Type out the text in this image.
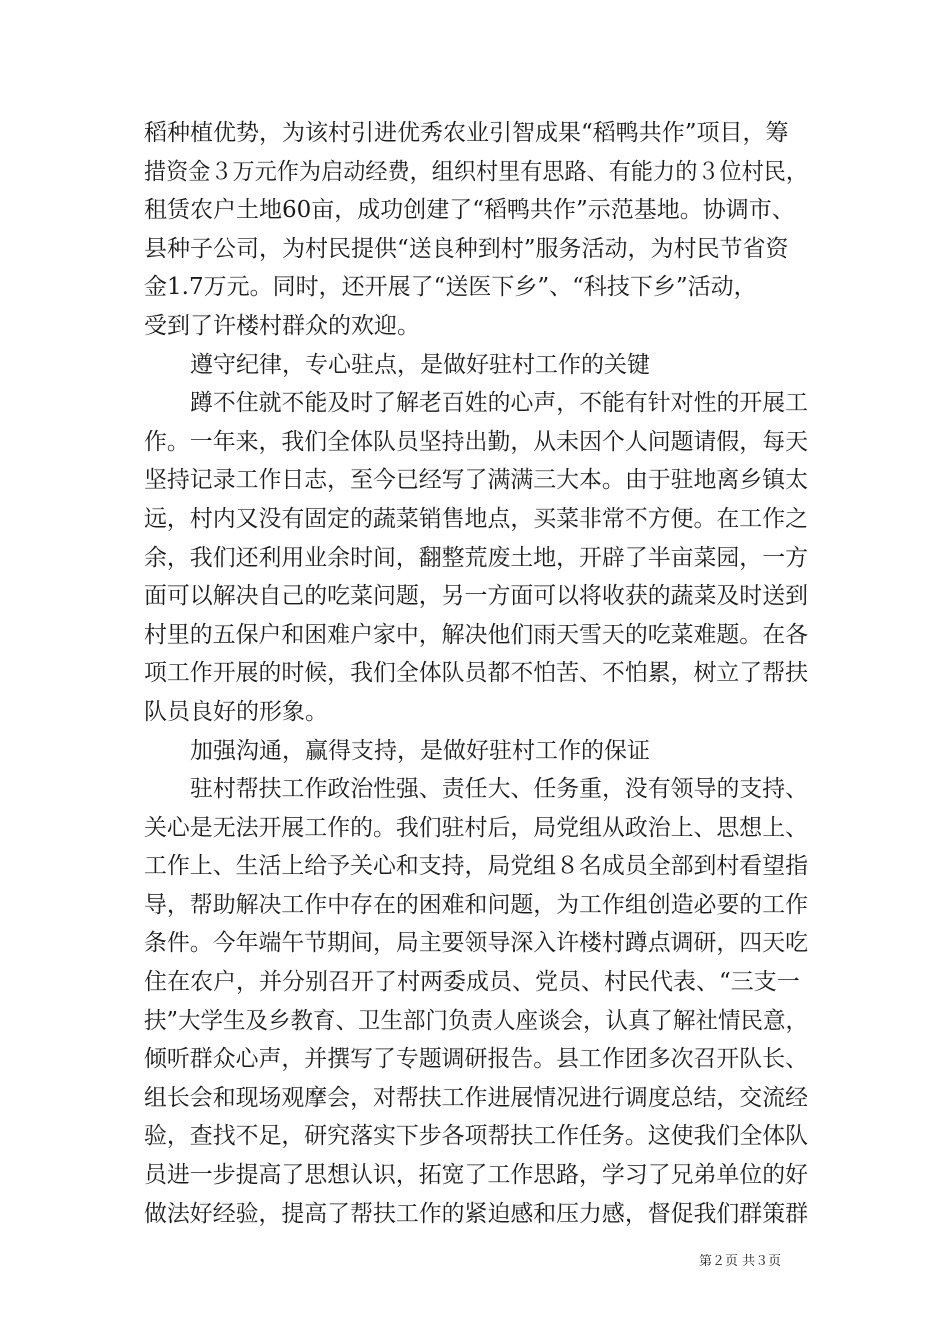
稻种植优势，为该村引进优秀农业引智成果“稻鸭共作”项目，筹
措资金３万元作为启动经费，组织村里有思路、有能力的３位村民，
租赁农户土地60亩，成功创建了“稻鸭共作”示范基地。协调市、
县种子公司，为村民提供“送良种到村”服务活动，为村民节省资
金1.7万元。同时，还开展了“送医下乡”、“科技下乡”活动，
受到了许楼村群众的欢迎。
遵守纪律，专心驻点，是做好驻村工作的关键
蹲不住就不能及时了解老百姓的心声，不能有针对性的开展工
作。一年来，我们全体队员坚持出勤，从未因个人问题请假，每天
坚持记录工作日志，至今已经写了满满三大本。由于驻地离乡镇太
远，村内又没有固定的蔬菜销售地点，买菜非常不方便。在工作之
余，我们还利用业余时间，翻整荒废土地，开辟了半亩菜园，一方
面可以解决自己的吃菜问题，另一方面可以将收获的蔬菜及时送到
村里的五保户和困难户家中，解决他们雨天雪天的吃菜难题。在各
项工作开展的时候，我们全体队员都不怕苦、不怕累，树立了帮扶
队员良好的形象。
加强沟通，赢得支持，是做好驻村工作的保证
驻村帮扶工作政治性强、责任大、任务重，没有领导的支持、
关心是无法开展工作的。我们驻村后，局党组从政治上、思想上、
工作上、生活上给予关心和支持，局党组８名成员全部到村看望指
导，帮助解决工作中存在的困难和问题，为工作组创造必要的工作
条件。今年端午节期间，局主要领导深入许楼村蹲点调研，四天吃
住在农户，并分别召开了村两委成员、党员、村民代表、“三支一
扶”大学生及乡教育、卫生部门负责人座谈会，认真了解社情民意，
倾听群众心声，并撰写了专题调研报告。县工作团多次召开队长、
组长会和现场观摩会，对帮扶工作进展情况进行调度总结，交流经
验，查找不足，研究落实下步各项帮扶工作任务。这使我们全体队
员进一步提高了思想认识，拓宽了工作思路，学习了兄弟单位的好
做法好经验，提高了帮扶工作的紧迫感和压力感，督促我们群策群
第２页 共３页
